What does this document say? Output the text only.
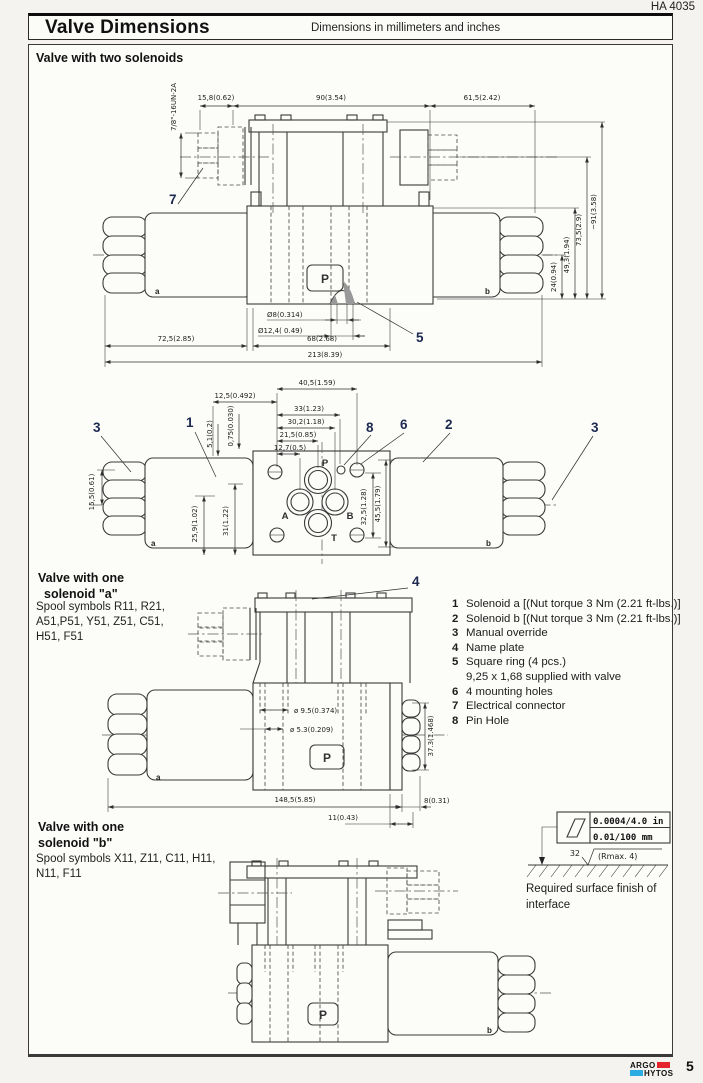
HA 4035
Valve Dimensions	Dimensions in millimeters and inches
Valve with two solenoids
7/8"-16UN-2A	15,8(0.62)	90(3.54)	61,5(2.42)
24(0.94)
49,3(1.94)
73,5(2.9)
~91(3.58)
P
5
Ø8(0.314)
Ø12,4( 0.49)
72,5(2.85)	68(2.68)
213(8.39)
7
a	b
P
A	B
T
3	1	8 6	2	3
40,5(1.59)
12,5(0.492)
33(1.23)
30,2(1.18)
21,5(0.85)
12,7(0.5)
5,1(0.2) 0,75(0.030)
15,5(0.61)
25,9(1.02)	31(1.22)	32,5(1.28) 45,5(1.79)
a	b
Valve with one
solenoid "a"
Spool symbols R11, R21,
A51,P51, Y51, Z51, C51,
H51, F51
1 Solenoid a [(Nut torque 3 Nm (2.21 ft-lbs.)]
2 Solenoid b [(Nut torque 3 Nm (2.21 ft-lbs.)]
3 Manual override
4 Name plate
5 Square ring (4 pcs.)
9,25 x 1,68 supplied with valve
6 4 mounting holes
7 Electrical connector
8 Pin Hole
4
ø 9.5(0.374)
ø 5.3(0.209)
P
a
37.3(1.468)
148,5(5.85)	8(0.31)
11(0.43)
Valve with one
solenoid "b"
Spool symbols X11, Z11, C11, H11,
N11, F11
0.0004/4.0 in
0.01/100 mm
32 (Rmax. 4)
Required surface finish of
interface
P
b
ARGO
HYTOS 5
